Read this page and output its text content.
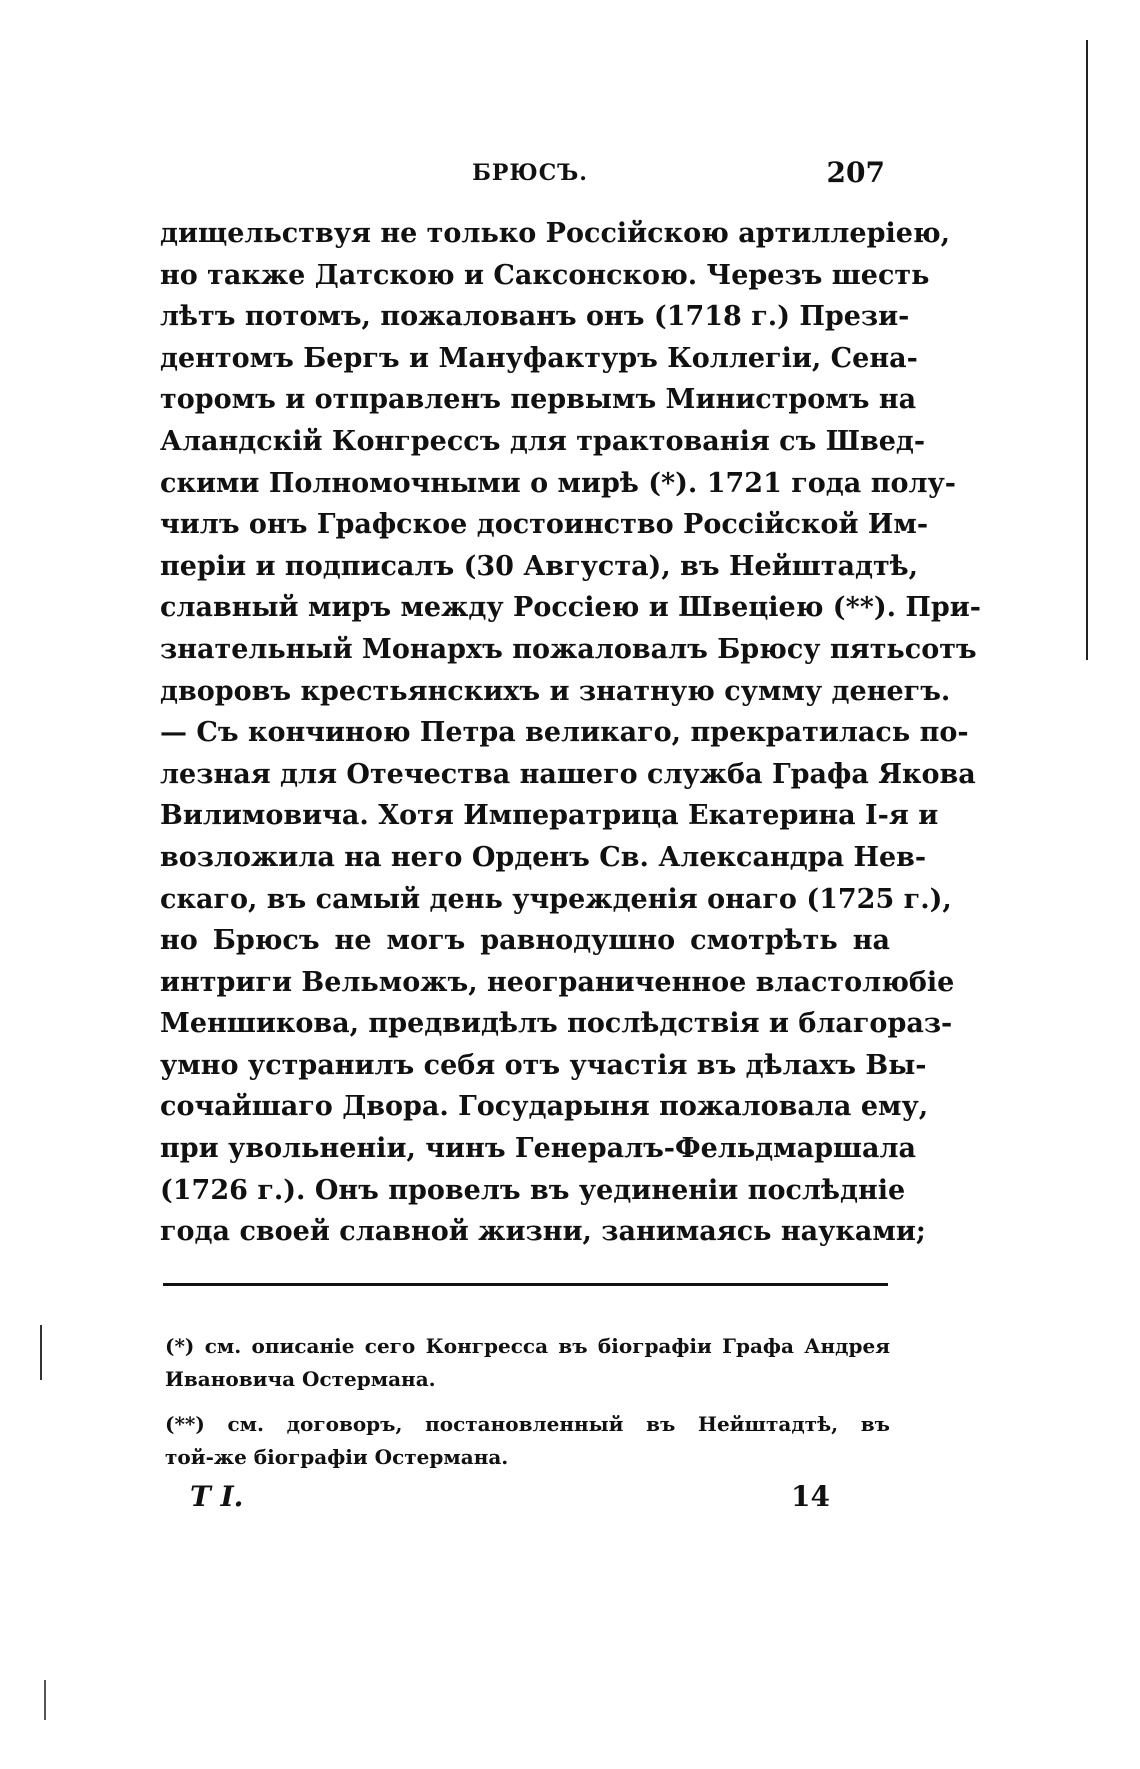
БРЮСЪ.	207
дищельствуя не только Россійскою артиллеріею,
но также Датскою и Саксонскою. Черезъ шесть
лѣтъ потомъ, пожалованъ онъ (1718 г.) Прези-
дентомъ Бергъ и Мануфактуръ Коллегіи, Сена-
торомъ и отправленъ первымъ Министромъ на
Аландскій Конгрессъ для трактованія съ Швед-
скими Полномочными о мирѣ (*). 1721 года полу-
чилъ онъ Графское достоинство Россійской Им-
періи и подписалъ (30 Августа), въ Нейштадтѣ,
славный миръ между Россіею и Швеціею (**). При-
знательный Монархъ пожаловалъ Брюсу пятьсотъ
дворовъ крестьянскихъ и знатную сумму денегъ.
— Съ кончиною Петра великаго, прекратилась по-
лезная для Отечества нашего служба Графа Якова
Вилимовича. Хотя Императрица Екатерина І-я и
возложила на него Орденъ Св. Александра Нев-
скаго, въ самый день учрежденія онаго (1725 г.),
но Брюсъ не могъ равнодушно смотрѣть на
интриги Вельможъ, неограниченное властолюбіе
Меншикова, предвидѣлъ послѣдствія и благораз-
умно устранилъ себя отъ участія въ дѣлахъ Вы-
сочайшаго Двора. Государыня пожаловала ему,
при увольненіи, чинъ Генералъ-Фельдмаршала
(1726 г.). Онъ провелъ въ уединеніи послѣдніе
года своей славной жизни, занимаясь науками;
(*) см. описаніе сего Конгресса въ біографіи Графа Андрея
Ивановича Остермана.
(**) см. договоръ, постановленный въ Нейштадтѣ, въ
той-же біографіи Остермана.
Т І.	14
